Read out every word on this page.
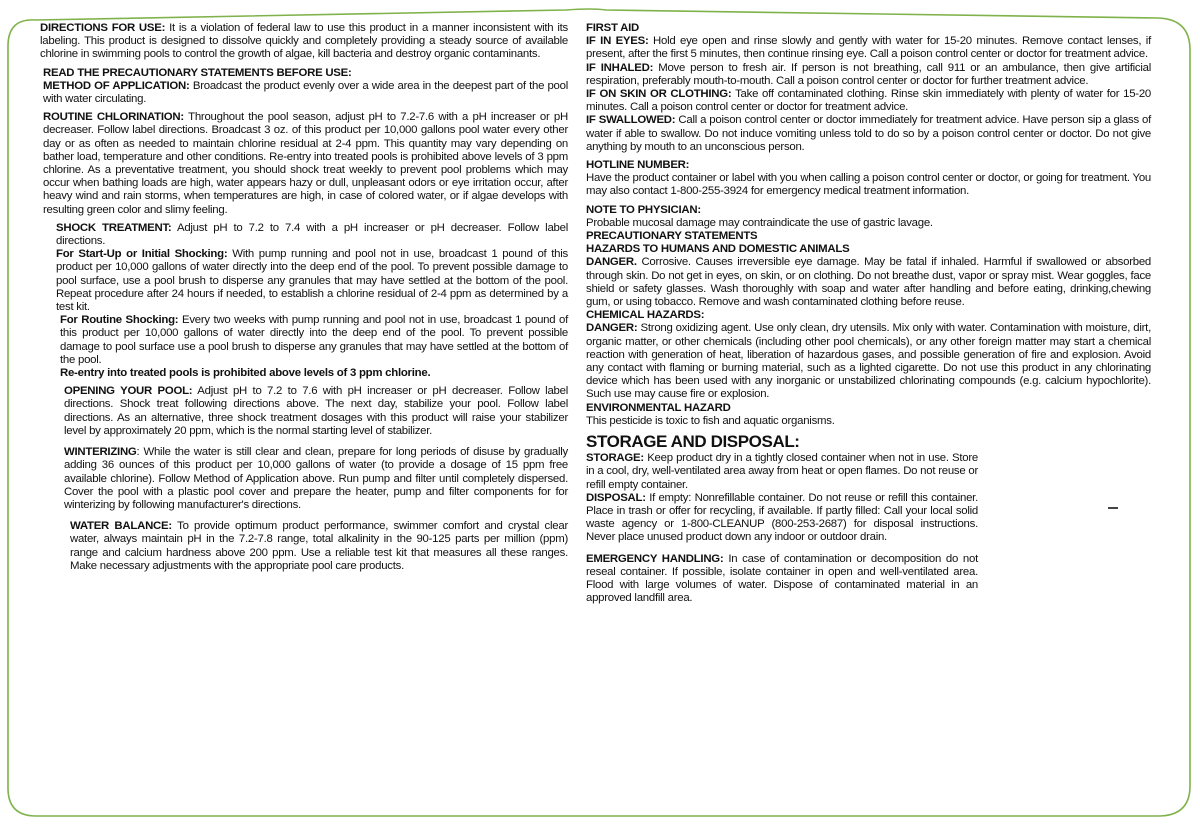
DIRECTIONS FOR USE: It is a violation of federal law to use this product in a manner inconsistent with its labeling. This product is designed to dissolve quickly and completely providing a steady source of available chlorine in swimming pools to control the growth of algae, kill bacteria and destroy organic contaminants.

READ THE PRECAUTIONARY STATEMENTS BEFORE USE:

METHOD OF APPLICATION: Broadcast the product evenly over a wide area in the deepest part of the pool with water circulating.

ROUTINE CHLORINATION: Throughout the pool season, adjust pH to 7.2-7.6 with a pH increaser or pH decreaser. Follow label directions. Broadcast 3 oz. of this product per 10,000 gallons pool water every other day or as often as needed to maintain chlorine residual at 2-4 ppm. This quantity may vary depending on bather load, temperature and other conditions. Re-entry into treated pools is prohibited above levels of 3 ppm chlorine. As a preventative treatment, you should shock treat weekly to prevent pool problems which may occur when bathing loads are high, water appears hazy or dull, unpleasant odors or eye irritation occur, after heavy wind and rain storms, when temperatures are high, in case of colored water, or if algae develops with resulting green color and slimy feeling.

SHOCK TREATMENT: Adjust pH to 7.2 to 7.4 with a pH increaser or pH decreaser. Follow label directions.

For Start-Up or Initial Shocking: With pump running and pool not in use, broadcast 1 pound of this product per 10,000 gallons of water directly into the deep end of the pool. To prevent possible damage to pool surface, use a pool brush to disperse any granules that may have settled at the bottom of the pool. Repeat procedure after 24 hours if needed, to establish a chlorine residual of 2-4 ppm as determined by a test kit.

For Routine Shocking: Every two weeks with pump running and pool not in use, broadcast 1 pound of this product per 10,000 gallons of water directly into the deep end of the pool. To prevent possible damage to pool surface use a pool brush to disperse any granules that may have settled at the bottom of the pool.

Re-entry into treated pools is prohibited above levels of 3 ppm chlorine.

OPENING YOUR POOL: Adjust pH to 7.2 to 7.6 with pH increaser or pH decreaser. Follow label directions. Shock treat following directions above. The next day, stabilize your pool. Follow label directions. As an alternative, three shock treatment dosages with this product will raise your stabilizer level by approximately 20 ppm, which is the normal starting level of stabilizer.

WINTERIZING: While the water is still clear and clean, prepare for long periods of disuse by gradually adding 36 ounces of this product per 10,000 gallons of water (to provide a dosage of 15 ppm free available chlorine). Follow Method of Application above. Run pump and filter until completely dispersed. Cover the pool with a plastic pool cover and prepare the heater, pump and filter components for for winterizing by following manufacturer's directions.

WATER BALANCE: To provide optimum product performance, swimmer comfort and crystal clear water, always maintain pH in the 7.2-7.8 range, total alkalinity in the 90-125 parts per million (ppm) range and calcium hardness above 200 ppm. Use a reliable test kit that measures all these ranges. Make necessary adjustments with the appropriate pool care products.

FIRST AID

IF IN EYES: Hold eye open and rinse slowly and gently with water for 15-20 minutes. Remove contact lenses, if present, after the first 5 minutes, then continue rinsing eye. Call a poison control center or doctor for treatment advice.

IF INHALED: Move person to fresh air. If person is not breathing, call 911 or an ambulance, then give artificial respiration, preferably mouth-to-mouth. Call a poison control center or doctor for further treatment advice.

IF ON SKIN OR CLOTHING: Take off contaminated clothing. Rinse skin immediately with plenty of water for 15-20 minutes. Call a poison control center or doctor for treatment advice.

IF SWALLOWED: Call a poison control center or doctor immediately for treatment advice. Have person sip a glass of water if able to swallow. Do not induce vomiting unless told to do so by a poison control center or doctor. Do not give anything by mouth to an unconscious person.

HOTLINE NUMBER:

Have the product container or label with you when calling a poison control center or doctor, or going for treatment. You may also contact 1-800-255-3924 for emergency medical treatment information.

NOTE TO PHYSICIAN:

Probable mucosal damage may contraindicate the use of gastric lavage.

PRECAUTIONARY STATEMENTS

HAZARDS TO HUMANS AND DOMESTIC ANIMALS

DANGER. Corrosive. Causes irreversible eye damage. May be fatal if inhaled. Harmful if swallowed or absorbed through skin. Do not get in eyes, on skin, or on clothing. Do not breathe dust, vapor or spray mist. Wear goggles, face shield or safety glasses. Wash thoroughly with soap and water after handling and before eating, drinking,chewing gum, or using tobacco. Remove and wash contaminated clothing before reuse.

CHEMICAL HAZARDS:

DANGER: Strong oxidizing agent. Use only clean, dry utensils. Mix only with water. Contamination with moisture, dirt, organic matter, or other chemicals (including other pool chemicals), or any other foreign matter may start a chemical reaction with generation of heat, liberation of hazardous gases, and possible generation of fire and explosion. Avoid any contact with flaming or burning material, such as a lighted cigarette. Do not use this product in any chlorinating device which has been used with any inorganic or unstabilized chlorinating compounds (e.g. calcium hypochlorite). Such use may cause fire or explosion.

ENVIRONMENTAL HAZARD

This pesticide is toxic to fish and aquatic organisms.

STORAGE AND DISPOSAL:

STORAGE: Keep product dry in a tightly closed container when not in use. Store in a cool, dry, well-ventilated area away from heat or open flames. Do not reuse or refill empty container.

DISPOSAL: If empty: Nonrefillable container. Do not reuse or refill this container. Place in trash or offer for recycling, if available. If partly filled: Call your local solid waste agency or 1-800-CLEANUP (800-253-2687) for disposal instructions. Never place unused product down any indoor or outdoor drain.

EMERGENCY HANDLING: In case of contamination or decomposition do not reseal container. If possible, isolate container in open and well-ventilated area. Flood with large volumes of water. Dispose of contaminated material in an approved landfill area.
